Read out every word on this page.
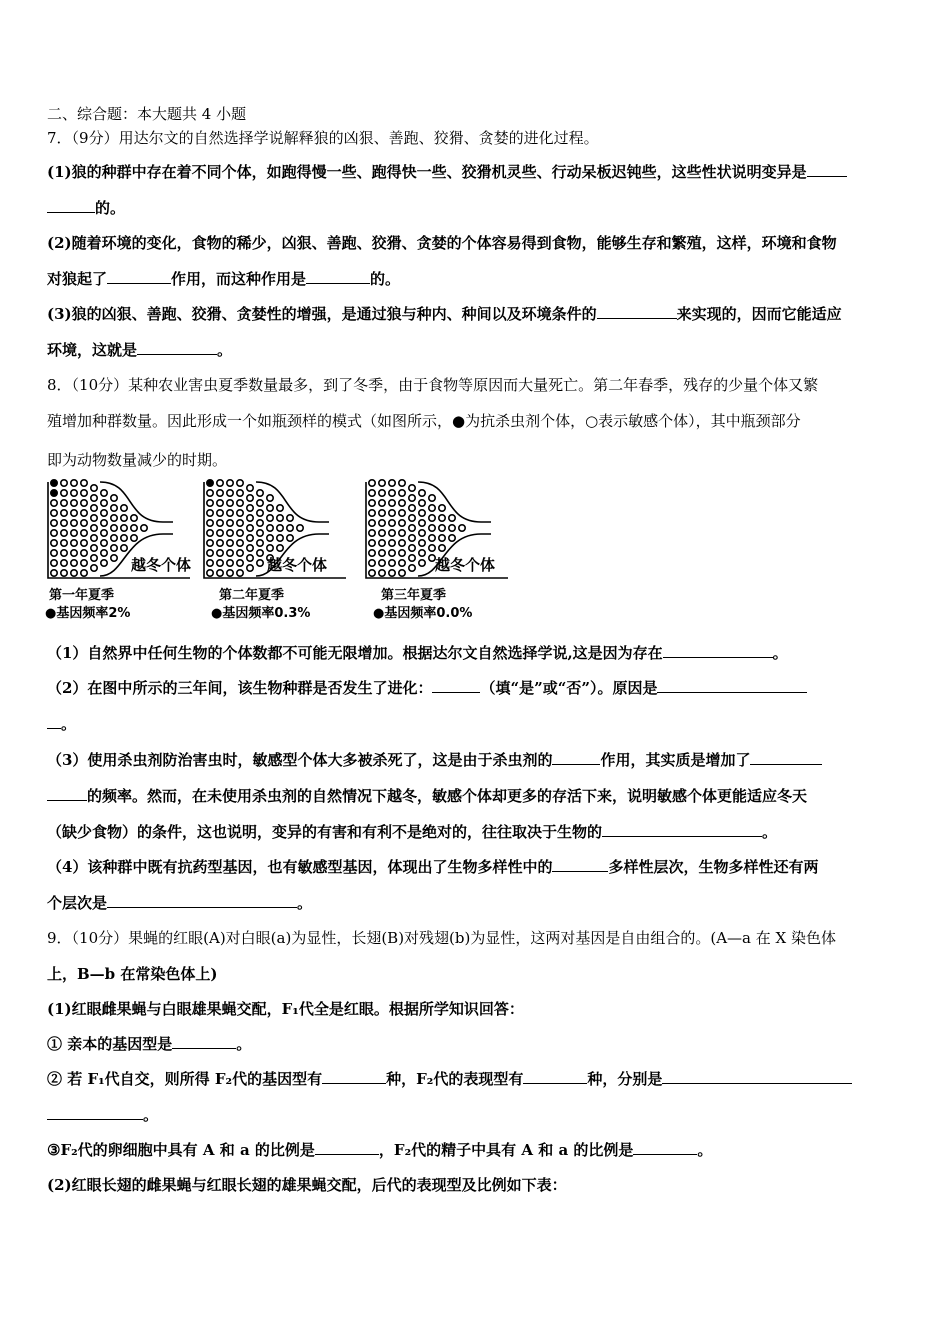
二、综合题：本大题共 4 小题
7．（9分）用达尔文的自然选择学说解释狼的凶狠、善跑、狡猾、贪婪的进化过程。
(1)狼的种群中存在着不同个体，如跑得慢一些、跑得快一些、狡猾机灵些、行动呆板迟钝些，这些性状说明变异是
的。
(2)随着环境的变化，食物的稀少，凶狠、善跑、狡猾、贪婪的个体容易得到食物，能够生存和繁殖，这样，环境和食物
对狼起了	作用，而这种作用是	的。
(3)狼的凶狠、善跑、狡猾、贪婪性的增强，是通过狼与种内、种间以及环境条件的	来实现的，因而它能适应
环境，这就是	。
8．（10分）某种农业害虫夏季数量最多，到了冬季，由于食物等原因而大量死亡。第二年春季，残存的少量个体又繁
殖增加种群数量。因此形成一个如瓶颈样的模式（如图所示，●为抗杀虫剂个体，○表示敏感个体），其中瓶颈部分
即为动物数量减少的时期。
越冬个体
第一年夏季
●基因频率2%
越冬个体
第二年夏季
●基因频率0.3%
越冬个体
第三年夏季
●基因频率0.0%
（1）自然界中任何生物的个体数都不可能无限增加。根据达尔文自然选择学说,这是因为存在	。
（2）在图中所示的三年间，该生物种群是否发生了进化：	（填“是”或“否”）。原因是
。
（3）使用杀虫剂防治害虫时，敏感型个体大多被杀死了，这是由于杀虫剂的	作用，其实质是增加了
的频率。然而，在未使用杀虫剂的自然情况下越冬，敏感个体却更多的存活下来，说明敏感个体更能适应冬天
（缺少食物）的条件，这也说明，变异的有害和有利不是绝对的，往往取决于生物的	。
（4）该种群中既有抗药型基因，也有敏感型基因，体现出了生物多样性中的	多样性层次，生物多样性还有两
个层次是	。
9．（10分）果蝇的红眼(A)对白眼(a)为显性，长翅(B)对残翅(b)为显性，这两对基因是自由组合的。(A—a 在 X 染色体
上，B—b 在常染色体上)
(1)红眼雌果蝇与白眼雄果蝇交配，F₁代全是红眼。根据所学知识回答：
① 亲本的基因型是	。
② 若 F₁代自交，则所得 F₂代的基因型有	种，F₂代的表现型有	种，分别是
。
③F₂代的卵细胞中具有 A 和 a 的比例是	，F₂代的精子中具有 A 和 a 的比例是	。
(2)红眼长翅的雌果蝇与红眼长翅的雄果蝇交配，后代的表现型及比例如下表：
